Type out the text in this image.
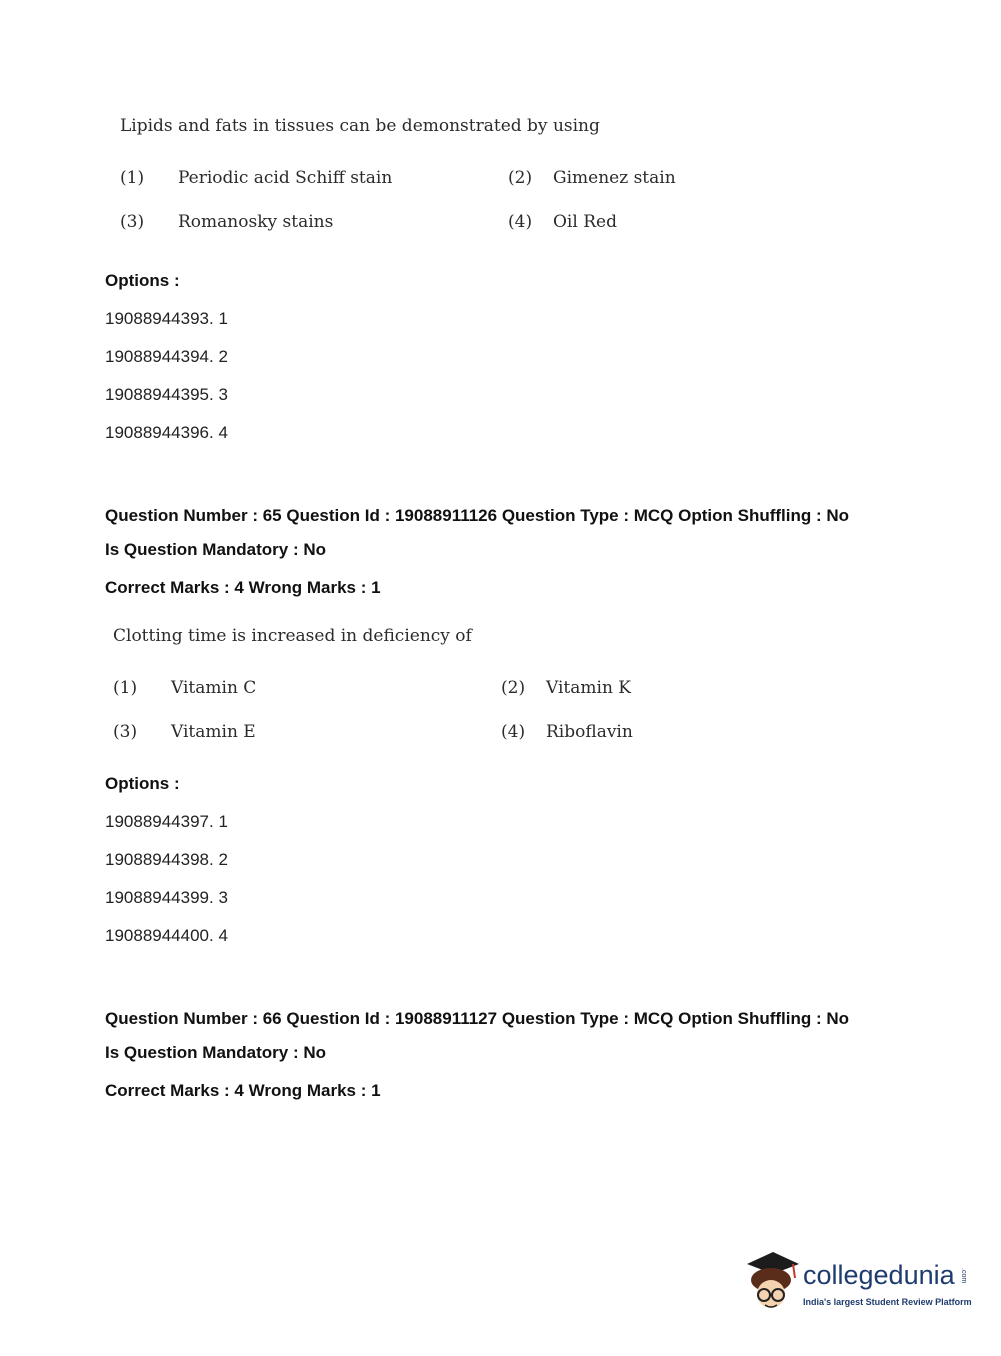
Lipids and fats in tissues can be demonstrated by using
(1) Periodic acid Schiff stain	(2) Gimenez stain
(3) Romanosky stains	(4) Oil Red
Options :
19088944393. 1
19088944394. 2
19088944395. 3
19088944396. 4
Question Number : 65 Question Id : 19088911126 Question Type : MCQ Option Shuffling : No
Is Question Mandatory : No
Correct Marks : 4 Wrong Marks : 1
Clotting time is increased in deficiency of
(1) Vitamin C	(2) Vitamin K
(3) Vitamin E	(4) Riboflavin
Options :
19088944397. 1
19088944398. 2
19088944399. 3
19088944400. 4
Question Number : 66 Question Id : 19088911127 Question Type : MCQ Option Shuffling : No
Is Question Mandatory : No
Correct Marks : 4 Wrong Marks : 1
collegedunia .com
India's largest Student Review Platform
